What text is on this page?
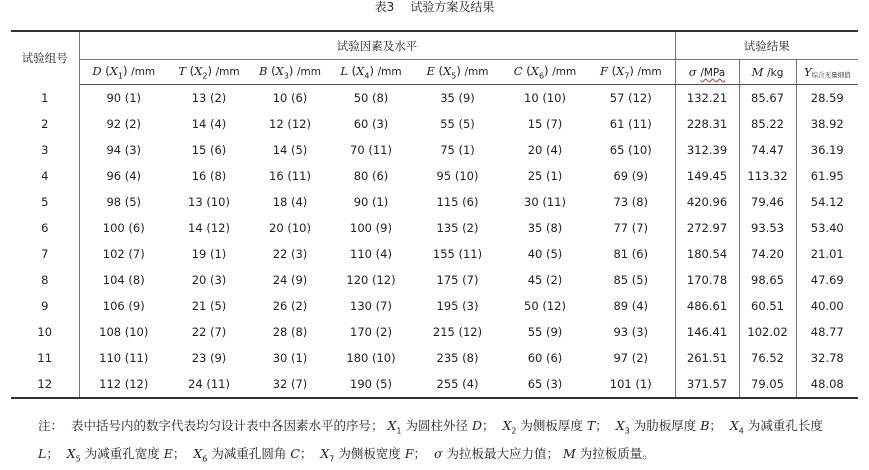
表3 试验方案及结果
试验组号	试验因素及水平							试验结果		
	D $(X_1)$ /mm	T $(X_2)$ /mm	B $(X_3)$ /mm	L $(X_4)$ /mm	E $(X_5)$ /mm	C $(X_6)$ /mm	F $(X_7)$ /mm	σ /MPa	M /kg	Y综合无量纲值
1	90 (1)	13 (2)	10 (6)	50 (8)	35 (9)	10 (10)	57 (12)	132.21	85.67	28.59
2	92 (2)	14 (4)	12 (12)	60 (3)	55 (5)	15 (7)	61 (11)	228.31	85.22	38.92
3	94 (3)	15 (6)	14 (5)	70 (11)	75 (1)	20 (4)	65 (10)	312.39	74.47	36.19
4	96 (4)	16 (8)	16 (11)	80 (6)	95 (10)	25 (1)	69 (9)	149.45	113.32	61.95
5	98 (5)	13 (10)	18 (4)	90 (1)	115 (6)	30 (11)	73 (8)	420.96	79.46	54.12
6	100 (6)	14 (12)	20 (10)	100 (9)	135 (2)	35 (8)	77 (7)	272.97	93.53	53.40
7	102 (7)	19 (1)	22 (3)	110 (4)	155 (11)	40 (5)	81 (6)	180.54	74.20	21.01
8	104 (8)	20 (3)	24 (9)	120 (12)	175 (7)	45 (2)	85 (5)	170.78	98.65	47.69
9	106 (9)	21 (5)	26 (2)	130 (7)	195 (3)	50 (12)	89 (4)	486.61	60.51	40.00
10	108 (10)	22 (7)	28 (8)	170 (2)	215 (12)	55 (9)	93 (3)	146.41	102.02	48.77
11	110 (11)	23 (9)	30 (1)	180 (10)	235 (8)	60 (6)	97 (2)	261.51	76.52	32.78
12	112 (12)	24 (11)	32 (7)	190 (5)	255 (4)	65 (3)	101 (1)	371.57	79.05	48.08
注： 表中括号内的数字代表均匀设计表中各因素水平的序号； $X_1$ 为圆柱外径 D；  $X_2$ 为侧板厚度 T；  $X_3$ 为肋板厚度 B；  $X_4$ 为减重孔长度 L；  $X_5$ 为减重孔宽度 E；  $X_6$ 为减重孔圆角 C；  $X_7$ 为侧板宽度 F；  σ 为拉板最大应力值； M 为拉板质量。
